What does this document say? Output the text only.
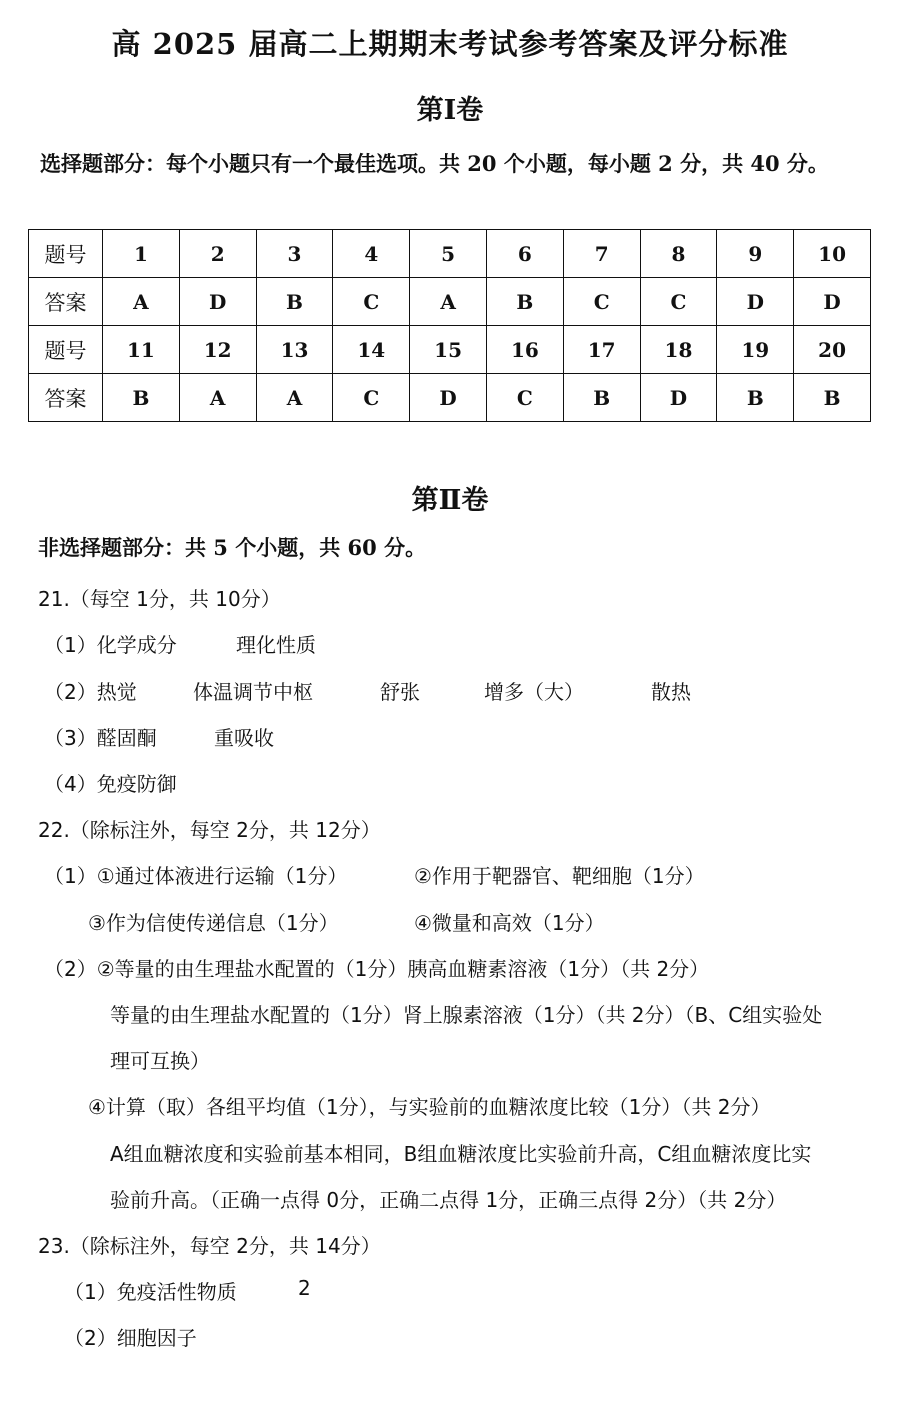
高 2025 届高二上期期末考试参考答案及评分标准
第Ⅰ卷
选择题部分：每个小题只有一个最佳选项。共 20 个小题，每小题 2 分，共 40 分。
题号	1	2	3	4	5	6	7	8	9	10
答案	A	D	B	C	A	B	C	C	D	D
题号	11	12	13	14	15	16	17	18	19	20
答案	B	A	A	C	D	C	B	D	B	B
第Ⅱ卷
非选择题部分：共 5 个小题，共 60 分。
21.（每空 1分，共 10分）
（1）化学成分	理化性质
（2）热觉	体温调节中枢	舒张	增多（大）	散热
（3）醛固酮	重吸收
（4）免疫防御
22.（除标注外，每空 2分，共 12分）
（1）①通过体液进行运输（1分）	②作用于靶器官、靶细胞（1分）
③作为信使传递信息（1分）	④微量和高效（1分）
（2）②等量的由生理盐水配置的（1分）胰高血糖素溶液（1分）（共 2分）
等量的由生理盐水配置的（1分）肾上腺素溶液（1分）（共 2分）（B、C组实验处
理可互换）
④计算（取）各组平均值（1分），与实验前的血糖浓度比较（1分）（共 2分）
A组血糖浓度和实验前基本相同，B组血糖浓度比实验前升高，C组血糖浓度比实
验前升高。（正确一点得 0分，正确二点得 1分，正确三点得 2分）（共 2分）
23.（除标注外，每空 2分，共 14分）
（1）免疫活性物质	2
（2）细胞因子
